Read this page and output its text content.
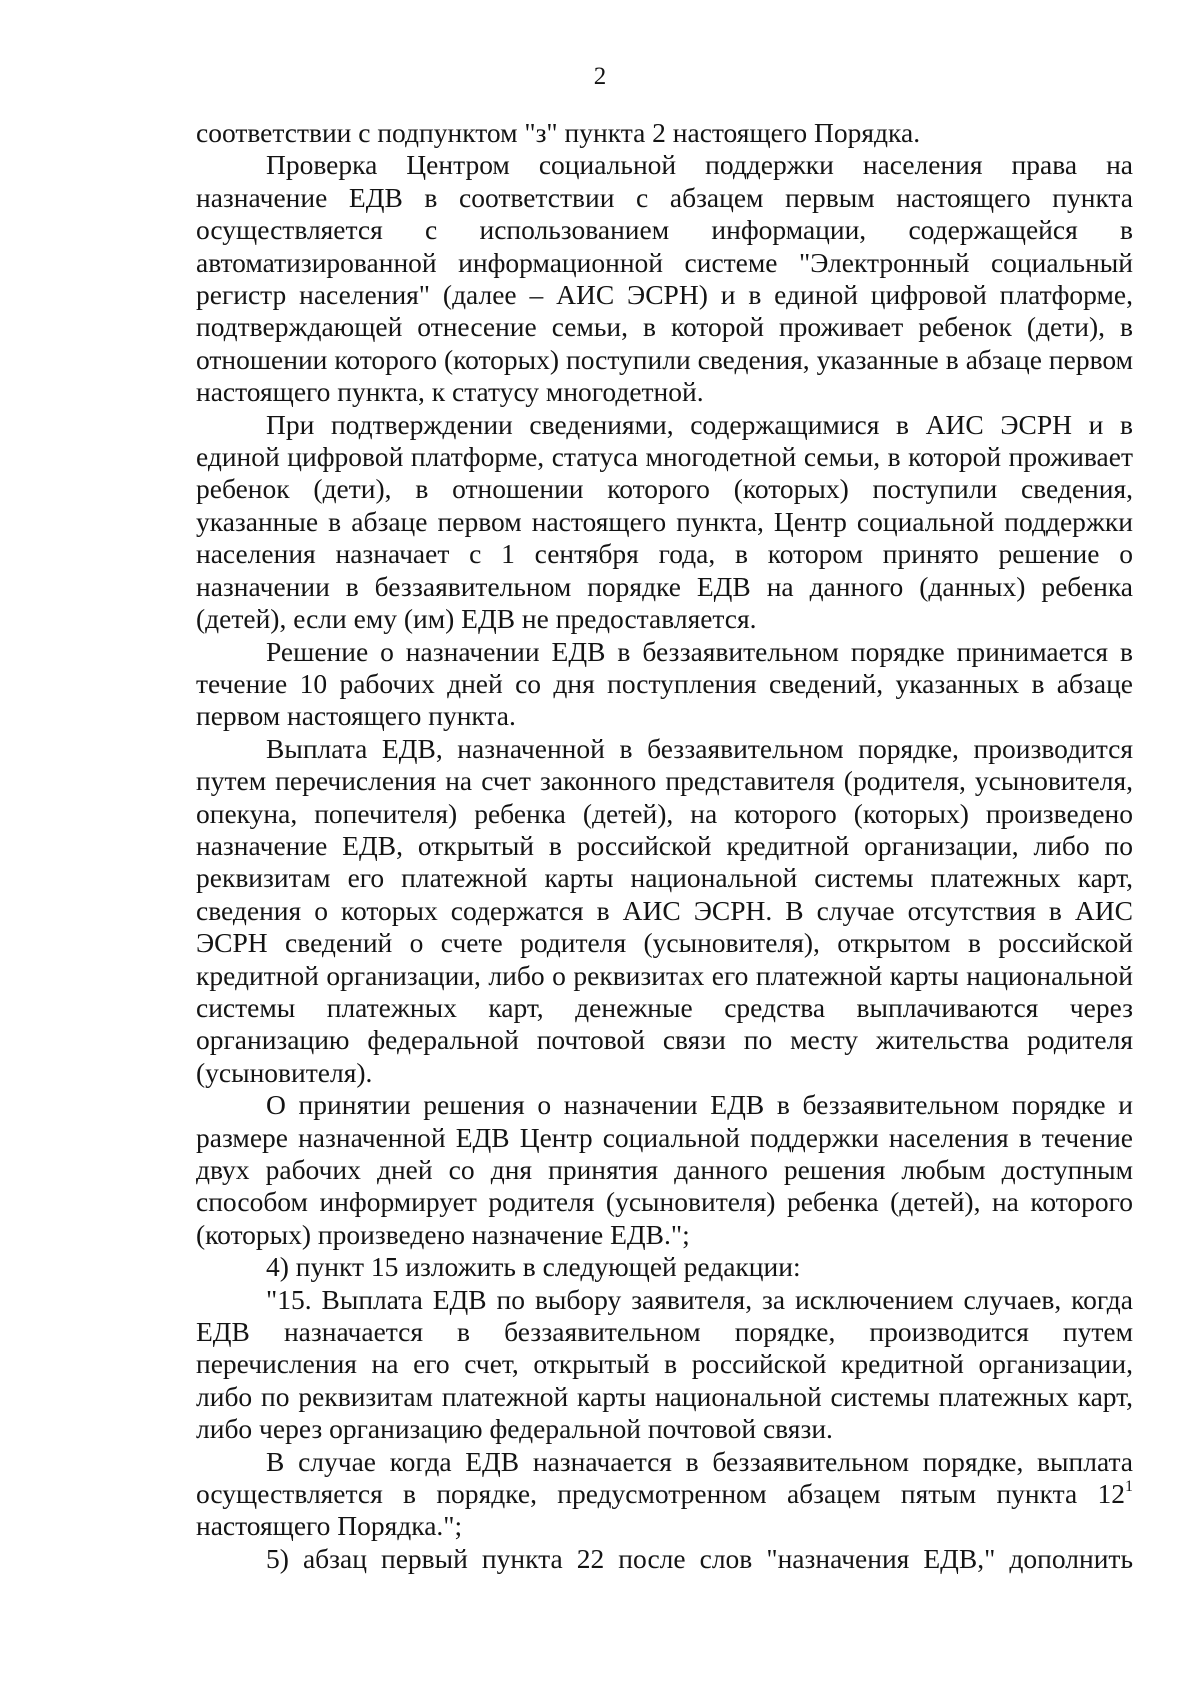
2

соответствии с подпунктом "з" пункта 2 настоящего Порядка.

Проверка Центром социальной поддержки населения права на назначение ЕДВ в соответствии с абзацем первым настоящего пункта осуществляется с использованием информации, содержащейся в автоматизированной информационной системе "Электронный социальный регистр населения" (далее – АИС ЭСРН) и в единой цифровой платформе, подтверждающей отнесение семьи, в которой проживает ребенок (дети), в отношении которого (которых) поступили сведения, указанные в абзаце первом настоящего пункта, к статусу многодетной.

При подтверждении сведениями, содержащимися в АИС ЭСРН и в единой цифровой платформе, статуса многодетной семьи, в которой проживает ребенок (дети), в отношении которого (которых) поступили сведения, указанные в абзаце первом настоящего пункта, Центр социальной поддержки населения назначает с 1 сентября года, в котором принято решение о назначении в беззаявительном порядке ЕДВ на данного (данных) ребенка (детей), если ему (им) ЕДВ не предоставляется.

Решение о назначении ЕДВ в беззаявительном порядке принимается в течение 10 рабочих дней со дня поступления сведений, указанных в абзаце первом настоящего пункта.

Выплата ЕДВ, назначенной в беззаявительном порядке, производится путем перечисления на счет законного представителя (родителя, усыновителя, опекуна, попечителя) ребенка (детей), на которого (которых) произведено назначение ЕДВ, открытый в российской кредитной организации, либо по реквизитам его платежной карты национальной системы платежных карт, сведения о которых содержатся в АИС ЭСРН. В случае отсутствия в АИС ЭСРН сведений о счете родителя (усыновителя), открытом в российской кредитной организации, либо о реквизитах его платежной карты национальной системы платежных карт, денежные средства выплачиваются через организацию федеральной почтовой связи по месту жительства родителя (усыновителя).

О принятии решения о назначении ЕДВ в беззаявительном порядке и размере назначенной ЕДВ Центр социальной поддержки населения в течение двух рабочих дней со дня принятия данного решения любым доступным способом информирует родителя (усыновителя) ребенка (детей), на которого (которых) произведено назначение ЕДВ.";

4) пункт 15 изложить в следующей редакции:

"15. Выплата ЕДВ по выбору заявителя, за исключением случаев, когда ЕДВ назначается в беззаявительном порядке, производится путем перечисления на его счет, открытый в российской кредитной организации, либо по реквизитам платежной карты национальной системы платежных карт, либо через организацию федеральной почтовой связи.

В случае когда ЕДВ назначается в беззаявительном порядке, выплата осуществляется в порядке, предусмотренном абзацем пятым пункта $12^1$ настоящего Порядка.";

5) абзац первый пункта 22 после слов "назначения ЕДВ," дополнить
